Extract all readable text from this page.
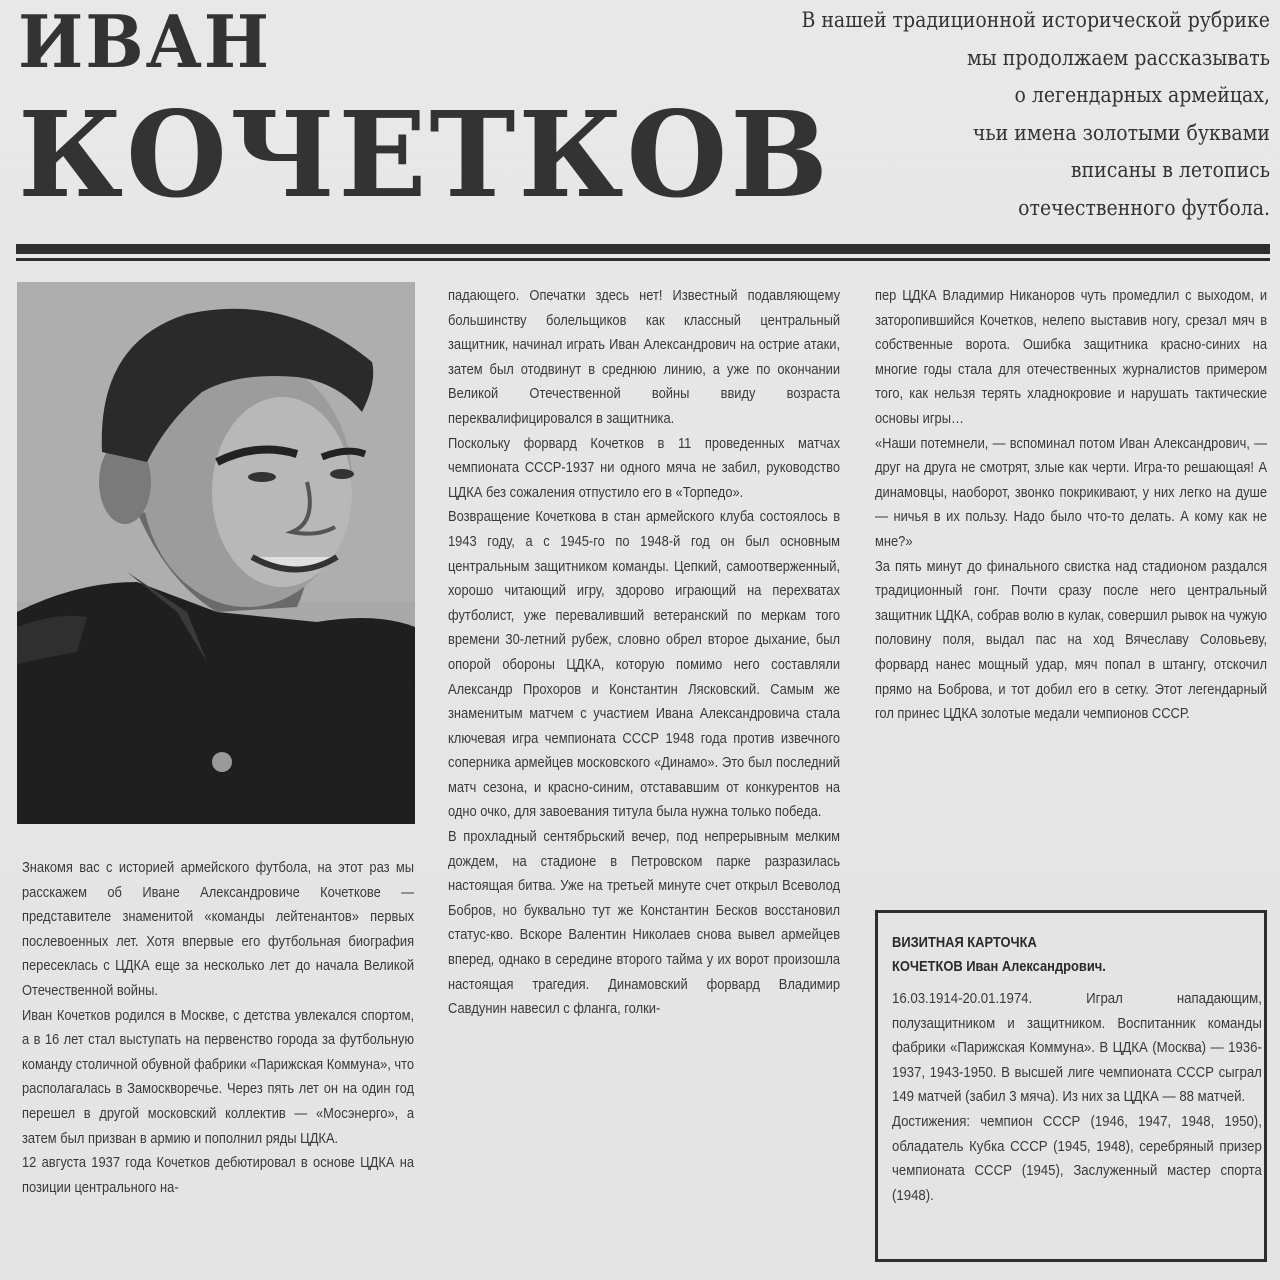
ИВАН
КОЧЕТКОВ
В нашей традиционной исторической рубрике
мы продолжаем рассказывать
о легендарных армейцах,
чьи имена золотыми буквами
вписаны в летопись
отечественного футбола.

Знакомя вас с историей армейского футбола, на этот раз мы расскажем об Иване Александровиче Кочеткове — представителе знаменитой «команды лейтенантов» первых послевоенных лет. Хотя впервые его футбольная биография пересеклась с ЦДКА еще за несколько лет до начала Великой Отечественной войны.

Иван Кочетков родился в Москве, с детства увлекался спортом, а в 16 лет стал выступать на первенство города за футбольную команду столичной обувной фабрики «Парижская Коммуна», что располагалась в Замоскворечье. Через пять лет он на один год перешел в другой московский коллектив — «Мосэнерго», а затем был призван в армию и пополнил ряды ЦДКА.

12 августа 1937 года Кочетков дебютировал в основе ЦДКА на позиции центрального на-

падающего. Опечатки здесь нет! Известный подавляющему большинству болельщиков как классный центральный защитник, начинал играть Иван Александрович на острие атаки, затем был отодвинут в среднюю линию, а уже по окончании Великой Отечественной войны ввиду возраста переквалифицировался в защитника.

Поскольку форвард Кочетков в 11 проведенных матчах чемпионата СССР-1937 ни одного мяча не забил, руководство ЦДКА без сожаления отпустило его в «Торпедо».

Возвращение Кочеткова в стан армейского клуба состоялось в 1943 году, а с 1945-го по 1948-й год он был основным центральным защитником команды. Цепкий, самоотверженный, хорошо читающий игру, здорово играющий на перехватах футболист, уже переваливший ветеранский по меркам того времени 30-летний рубеж, словно обрел второе дыхание, был опорой обороны ЦДКА, которую помимо него составляли Александр Прохоров и Константин Лясковский. Самым же знаменитым матчем с участием Ивана Александровича стала ключевая игра чемпионата СССР 1948 года против извечного соперника армейцев московского «Динамо». Это был последний матч сезона, и красно-синим, отстававшим от конкурентов на одно очко, для завоевания титула была нужна только победа.

В прохладный сентябрьский вечер, под непрерывным мелким дождем, на стадионе в Петровском парке разразилась настоящая битва. Уже на третьей минуте счет открыл Всеволод Бобров, но буквально тут же Константин Бесков восстановил статус-кво. Вскоре Валентин Николаев снова вывел армейцев вперед, однако в середине второго тайма у их ворот произошла настоящая трагедия. Динамовский форвард Владимир Савдунин навесил с фланга, голки-

пер ЦДКА Владимир Никаноров чуть промедлил с выходом, и заторопившийся Кочетков, нелепо выставив ногу, срезал мяч в собственные ворота. Ошибка защитника красно-синих на многие годы стала для отечественных журналистов примером того, как нельзя терять хладнокровие и нарушать тактические основы игры…

«Наши потемнели, — вспоминал потом Иван Александрович, — друг на друга не смотрят, злые как черти. Игра-то решающая! А динамовцы, наоборот, звонко покрикивают, у них легко на душе — ничья в их пользу. Надо было что-то делать. А кому как не мне?»

За пять минут до финального свистка над стадионом раздался традиционный гонг. Почти сразу после него центральный защитник ЦДКА, собрав волю в кулак, совершил рывок на чужую половину поля, выдал пас на ход Вячеславу Соловьеву, форвард нанес мощный удар, мяч попал в штангу, отскочил прямо на Боброва, и тот добил его в сетку. Этот легендарный гол принес ЦДКА золотые медали чемпионов СССР.

ВИЗИТНАЯ КАРТОЧКА
КОЧЕТКОВ Иван Александрович.

16.03.1914-20.01.1974. Играл нападающим, полузащитником и защитником. Воспитанник команды фабрики «Парижская Коммуна». В ЦДКА (Москва) — 1936-1937, 1943-1950. В высшей лиге чемпионата СССР сыграл 149 матчей (забил 3 мяча). Из них за ЦДКА — 88 матчей.

Достижения: чемпион СССР (1946, 1947, 1948, 1950), обладатель Кубка СССР (1945, 1948), серебряный призер чемпионата СССР (1945), Заслуженный мастер спорта (1948).
